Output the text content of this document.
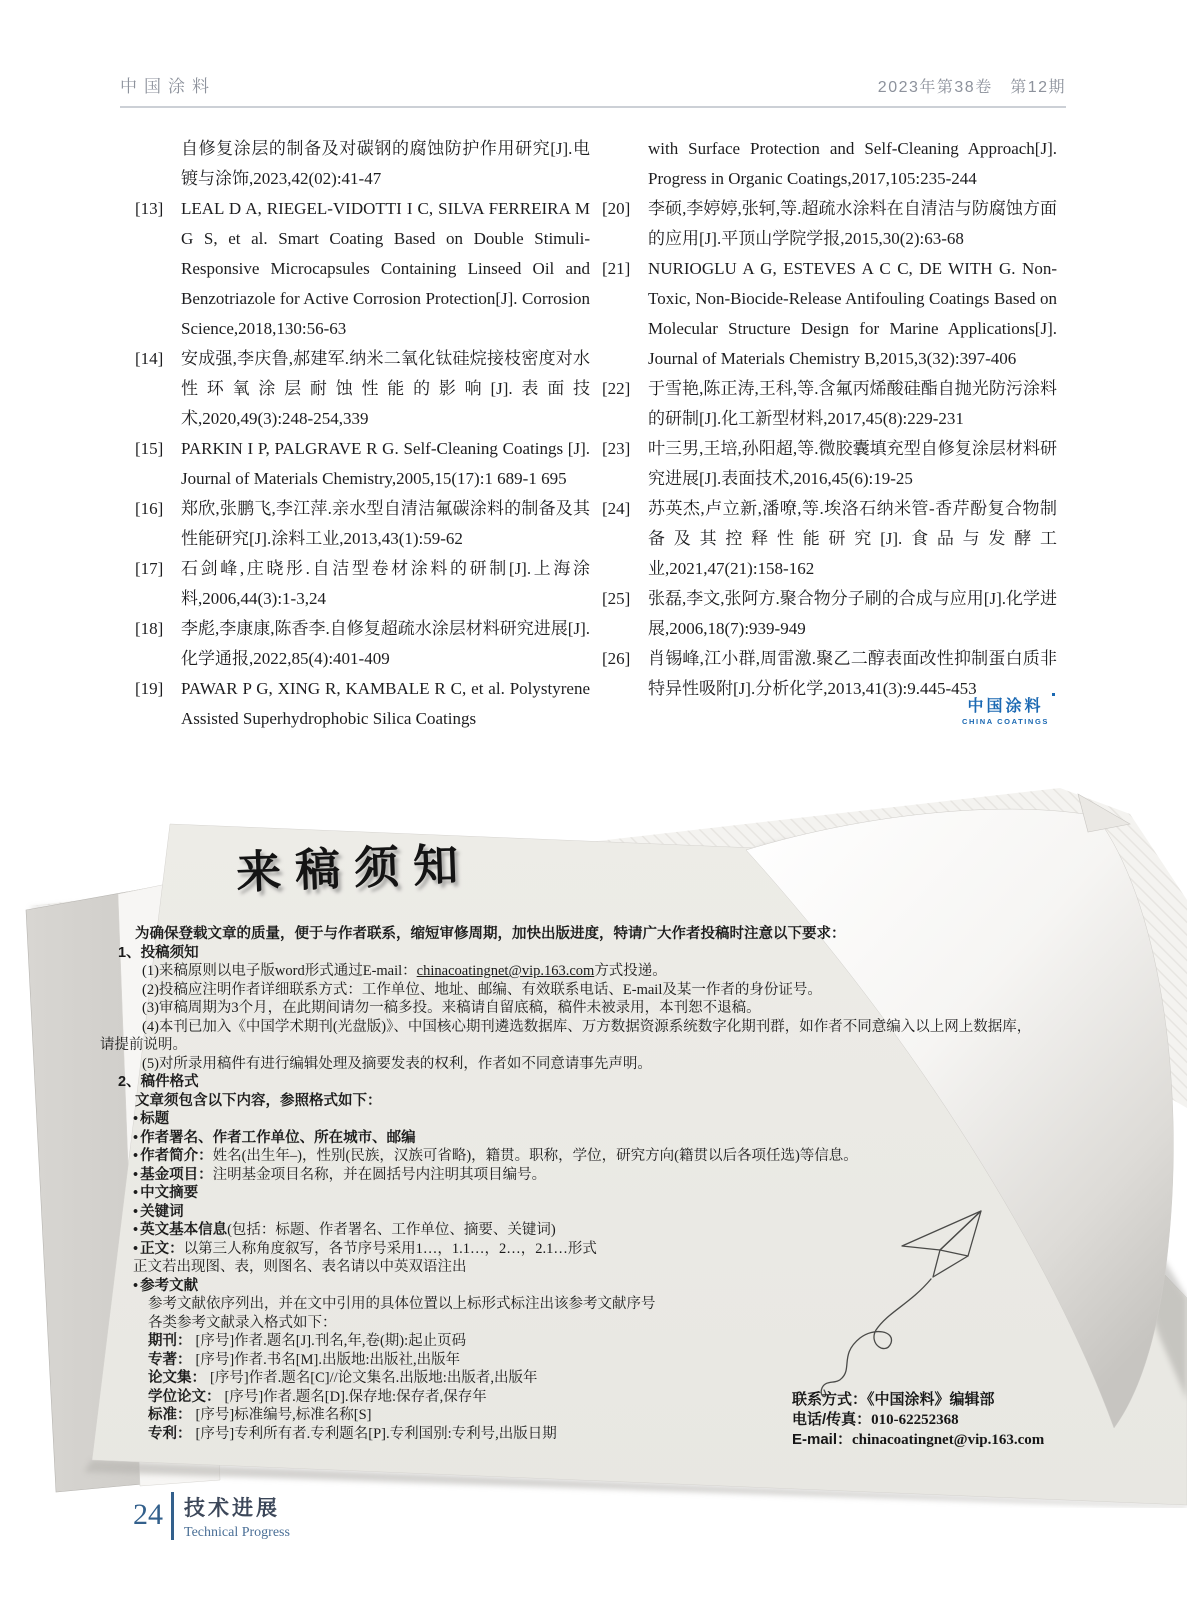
中国涂料	2023年第38卷　第12期
自修复涂层的制备及对碳钢的腐蚀防护作用研究[J].电镀与涂饰,2023,42(02):41-47
[13]	LEAL D A, RIEGEL-VIDOTTI I C, SILVA FERREIRA M G S, et al. Smart Coating Based on Double Stimuli-Responsive Microcapsules Containing Linseed Oil and Benzotriazole for Active Corrosion Protection[J]. Corrosion Science,2018,130:56-63
[14]	安成强,李庆鲁,郝建军.纳米二氧化钛硅烷接枝密度对水性环氧涂层耐蚀性能的影响[J].表面技术,2020,49(3):248-254,339
[15]	PARKIN I P, PALGRAVE R G. Self-Cleaning Coatings [J]. Journal of Materials Chemistry,2005,15(17):1 689-1 695
[16]	郑欣,张鹏飞,李江萍.亲水型自清洁氟碳涂料的制备及其性能研究[J].涂料工业,2013,43(1):59-62
[17]	石剑峰,庄晓彤.自洁型卷材涂料的研制[J].上海涂料,2006,44(3):1-3,24
[18]	李彪,李康康,陈香李.自修复超疏水涂层材料研究进展[J].化学通报,2022,85(4):401-409
[19]	PAWAR P G, XING R, KAMBALE R C, et al. Polystyrene Assisted Superhydrophobic Silica Coatings
with Surface Protection and Self-Cleaning Approach[J]. Progress in Organic Coatings,2017,105:235-244
[20]	李硕,李婷婷,张轲,等.超疏水涂料在自清洁与防腐蚀方面的应用[J].平顶山学院学报,2015,30(2):63-68
[21]	NURIOGLU A G, ESTEVES A C C, DE WITH G. Non-Toxic, Non-Biocide-Release Antifouling Coatings Based on Molecular Structure Design for Marine Applications[J]. Journal of Materials Chemistry B,2015,3(32):397-406
[22]	于雪艳,陈正涛,王科,等.含氟丙烯酸硅酯自抛光防污涂料的研制[J].化工新型材料,2017,45(8):229-231
[23]	叶三男,王培,孙阳超,等.微胶囊填充型自修复涂层材料研究进展[J].表面技术,2016,45(6):19-25
[24]	苏英杰,卢立新,潘嘹,等.埃洛石纳米管-香芹酚复合物制备及其控释性能研究[J].食品与发酵工业,2021,47(21):158-162
[25]	张磊,李文,张阿方.聚合物分子刷的合成与应用[J].化学进展,2006,18(7):939-949
[26]	肖锡峰,江小群,周雷激.聚乙二醇表面改性抑制蛋白质非特异性吸附[J].分析化学,2013,41(3):9.445-453
中国涂料
CHINA COATINGS
来稿须知

为确保登载文章的质量，便于与作者联系，缩短审修周期，加快出版进度，特请广大作者投稿时注意以下要求：

1、投稿须知

(1)来稿原则以电子版word形式通过E-mail：chinacoatingnet@vip.163.com方式投递。

(2)投稿应注明作者详细联系方式：工作单位、地址、邮编、有效联系电话、E-mail及某一作者的身份证号。

(3)审稿周期为3个月，在此期间请勿一稿多投。来稿请自留底稿，稿件未被录用，本刊恕不退稿。

(4)本刊已加入《中国学术期刊(光盘版)》、中国核心期刊遴选数据库、万方数据资源系统数字化期刊群，如作者不同意编入以上网上数据库，

请提前说明。

(5)对所录用稿件有进行编辑处理及摘要发表的权利，作者如不同意请事先声明。

2、稿件格式

文章须包含以下内容，参照格式如下：

• 标题

• 作者署名、作者工作单位、所在城市、邮编

• 作者简介：姓名(出生年–)，性别(民族，汉族可省略)，籍贯。职称，学位，研究方向(籍贯以后各项任选)等信息。

• 基金项目：注明基金项目名称，并在圆括号内注明其项目编号。

• 中文摘要

• 关键词

• 英文基本信息(包括：标题、作者署名、工作单位、摘要、关键词)

• 正文：以第三人称角度叙写，各节序号采用1…，1.1…，2…，2.1…形式

正文若出现图、表，则图名、表名请以中英双语注出

• 参考文献

参考文献依序列出，并在文中引用的具体位置以上标形式标注出该参考文献序号

各类参考文献录入格式如下：

期刊： [序号]作者.题名[J].刊名,年,卷(期):起止页码

专著： [序号]作者.书名[M].出版地:出版社,出版年

论文集： [序号]作者.题名[C]//论文集名.出版地:出版者,出版年

学位论文： [序号]作者.题名[D].保存地:保存者,保存年

标准： [序号]标准编号,标准名称[S]

专利： [序号]专利所有者.专利题名[P].专利国别:专利号,出版日期

联系方式：《中国涂料》编辑部

电话/传真：010-62252368

E-mail：chinacoatingnet@vip.163.com

24 技术进展
Technical Progress
